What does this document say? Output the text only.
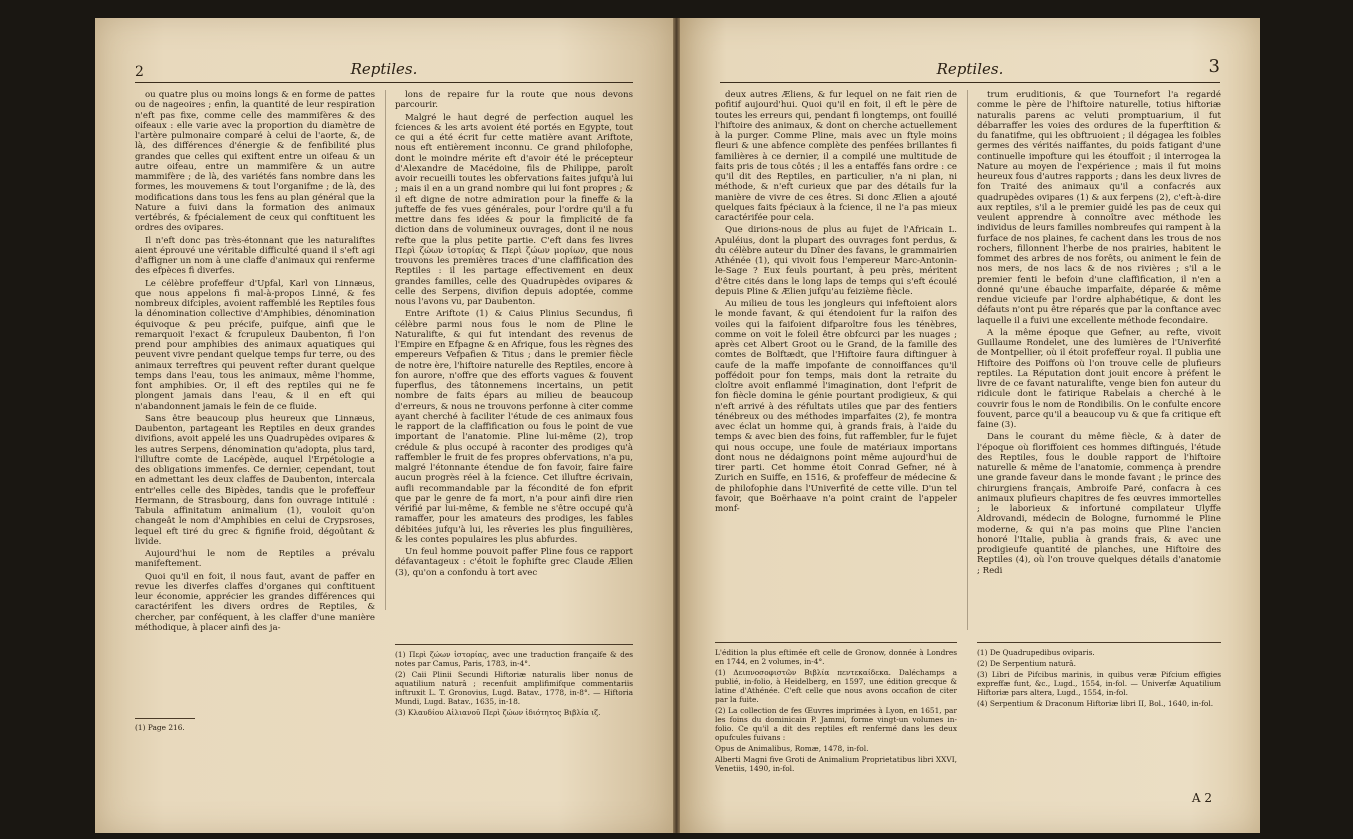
2	Reptiles.

ou quatre plus ou moins longs & en forme de pattes ou de nageoires ; enfin, la quantité de leur respiration n'eft pas fixe, comme celle des mammifères & des oifeaux : elle varie avec la proportion du diamètre de l'artère pulmonaire comparé à celui de l'aorte, &, de là, des différences d'énergie & de fenfibilité plus grandes que celles qui exiftent entre un oifeau & un autre oifeau, entre un mammifère & un autre mammifère ; de là, des variétés fans nombre dans les formes, les mouvemens & tout l'organifme ; de là, des modifications dans tous les fens au plan général que la Nature a fuivi dans la formation des animaux vertébrés, & fpécialement de ceux qui conftituent les ordres des ovipares.

Il n'eft donc pas très-étonnant que les naturaliftes aient éprouvé une véritable difficulté quand il s'eft agi d'affigner un nom à une claffe d'animaux qui renferme des efpèces fi diverfes.

Le célèbre profeffeur d'Upfal, Karl von Linnæus, que nous appelons fi mal-à-propos Linné, & fes nombreux difciples, avoient raffemblé les Reptiles fous la dénomination collective d'Amphibies, dénomination équivoque & peu précife, puifque, ainfi que le remarquoit l'exact & fcrupuleux Daubenton, fi l'on prend pour amphibies des animaux aquatiques qui peuvent vivre pendant quelque temps fur terre, ou des animaux terreftres qui peuvent refter durant quelque temps dans l'eau, tous les animaux, même l'homme, font amphibies. Or, il eft des reptiles qui ne fe plongent jamais dans l'eau, & il en eft qui n'abandonnent jamais le fein de ce fluide.

Sans être beaucoup plus heureux que Linnæus, Daubenton, partageant les Reptiles en deux grandes divifions, avoit appelé les uns Quadrupèdes ovipares & les autres Serpens, dénomination qu'adopta, plus tard, l'illuftre comte de Lacépède, auquel l'Erpétologie a des obligations immenfes. Ce dernier, cependant, tout en admettant les deux claffes de Daubenton, intercala entr'elles celle des Bipèdes, tandis que le profeffeur Hermann, de Strasbourg, dans fon ouvrage intitulé : Tabula affinitatum animalium (1), vouloit qu'on changeât le nom d'Amphibies en celui de Crypsroses, lequel eft tiré du grec & fignifie froid, dégoûtant & livide.

Aujourd'hui le nom de Reptiles a prévalu manifeftement.

Quoi qu'il en foit, il nous faut, avant de paffer en revue les diverfes claffes d'organes qui conftituent leur économie, apprécier les grandes différences qui caractérifent les divers ordres de Reptiles, & chercher, par conféquent, à les claffer d'une manière méthodique, à placer ainfi des ja-

(1) Page 216.

lons de repaire fur la route que nous devons parcourir.

Malgré le haut degré de perfection auquel les fciences & les arts avoient été portés en Egypte, tout ce qui a été écrit fur cette matière avant Ariftote, nous eft entièrement inconnu. Ce grand philofophe, dont le moindre mérite eft d'avoir été le précepteur d'Alexandre de Macédoine, fils de Philippe, paroît avoir recueilli toutes les obfervations faites jufqu'à lui ; mais il en a un grand nombre qui lui font propres ; & il eft digne de notre admiration pour la fineffe & la jufteffe de fes vues générales, pour l'ordre qu'il a fu mettre dans fes idées & pour la fimplicité de fa diction dans de volumineux ouvrages, dont il ne nous refte que la plus petite partie. C'eft dans fes livres Περὶ ζώων ἱστορίας & Περὶ ζώων μορίων, que nous trouvons les premières traces d'une claffification des Reptiles : il les partage effectivement en deux grandes familles, celle des Quadrupèdes ovipares & celle des Serpens, divifion depuis adoptée, comme nous l'avons vu, par Daubenton.

Entre Ariftote (1) & Caius Plinius Secundus, fi célèbre parmi nous fous le nom de Pline le Naturalifte, & qui fut intendant des revenus de l'Empire en Efpagne & en Afrique, fous les règnes des empereurs Vefpafien & Titus ; dans le premier fiècle de notre ère, l'hiftoire naturelle des Reptiles, encore à fon aurore, n'offre que des efforts vagues & fouvent fuperflus, des tâtonnemens incertains, un petit nombre de faits épars au milieu de beaucoup d'erreurs, & nous ne trouvons perfonne à citer comme ayant cherché à faciliter l'étude de ces animaux fous le rapport de la claffification ou fous le point de vue important de l'anatomie. Pline lui-même (2), trop crédule & plus occupé à raconter des prodiges qu'à raffembler le fruit de fes propres obfervations, n'a pu, malgré l'étonnante étendue de fon favoir, faire faire aucun progrès réel à la fcience. Cet illuftre écrivain, aufli recommandable par la fécondité de fon efprit que par le genre de fa mort, n'a pour ainfi dire rien vérifié par lui-même, & femble ne s'être occupé qu'à ramaffer, pour les amateurs des prodiges, les fables débitées jufqu'à lui, les rêveries les plus finguilières, & les contes populaires les plus abfurdes.

Un feul homme pouvoit paffer Pline fous ce rapport défavantageux : c'étoit le fophifte grec Claude Ælien (3), qu'on a confondu à tort avec

(1) Περὶ ζώων ἱστορίας, avec une traduction françaife & des notes par Camus, Paris, 1783, in-4°.

(2) Caii Plinii Secundi Hiftoriæ naturalis liber nonus de aquatilium naturâ ; recenfuit amplifimifque commentariis inftruxit L. T. Gronovius, Lugd. Batav., 1778, in-8°. — Hiftoria Mundi, Lugd. Batav., 1635, in-18.

(3) Κλαυδίου Αἰλιανοῦ Περὶ ζώων ἰδιότητος Βιβλία ιζ.

Reptiles.	3

deux autres Æliens, & fur lequel on ne fait rien de pofitif aujourd'hui. Quoi qu'il en foit, il eft le père de toutes les erreurs qui, pendant fi longtemps, ont fouillé l'hiftoire des animaux, & dont on cherche actuellement à la purger. Comme Pline, mais avec un ftyle moins fleuri & une abfence complète des penfées brillantes fi familières à ce dernier, il a compilé une multitude de faits pris de tous côtés ; il les a entaffés fans ordre : ce qu'il dit des Reptiles, en particulier, n'a ni plan, ni méthode, & n'eft curieux que par des détails fur la manière de vivre de ces êtres. Si donc Ælien a ajouté quelques faits fpéciaux à la fcience, il ne l'a pas mieux caractérifée pour cela.

Que dirions-nous de plus au fujet de l'Africain L. Apuléius, dont la plupart des ouvrages font perdus, & du célèbre auteur du Dîner des favans, le grammairien Athénée (1), qui vivoit fous l'empereur Marc-Antonin-le-Sage ? Eux feuls pourtant, à peu près, méritent d'être cités dans le long laps de temps qui s'eft écoulé depuis Pline & Ælien jufqu'au feizième fiècle.

Au milieu de tous les jongleurs qui infeftoient alors le monde favant, & qui étendoient fur la raifon des voiles qui la faifoient difparoître fous les ténèbres, comme on voit le foleil être obfcurci par les nuages ; après cet Albert Groot ou le Grand, de la famille des comtes de Bolftædt, que l'Hiftoire faura diftinguer à caufe de la maffe impofante de connoiffances qu'il poffédoit pour fon temps, mais dont la retraite du cloître avoit enflammé l'imagination, dont l'efprit de fon fiècle domina le génie pourtant prodigieux, & qui n'eft arrivé à des réfultats utiles que par des fentiers ténébreux ou des méthodes imparfaites (2), fe montra avec éclat un homme qui, à grands frais, à l'aide du temps & avec bien des foins, fut raffembler, fur le fujet qui nous occupe, une foule de matériaux importans dont nous ne dédaignons point même aujourd'hui de tirer parti. Cet homme étoit Conrad Gefner, né à Zurich en Suiffe, en 1516, & profeffeur de médecine & de philofophie dans l'Univerfité de cette ville. D'un tel favoir, que Boërhaave n'a point craint de l'appeler monf-

L'édition la plus eftimée eft celle de Gronow, donnée à Londres en 1744, en 2 volumes, in-4°.

(1) Δειπνοσοφιστῶν Βιβλία πεντεκαίδεκα. Daléchamps a publié, in-folio, à Heidelberg, en 1597, une édition grecque & latine d'Athénée. C'eft celle que nous avons occafion de citer par la fuite.

(2) La collection de fes Œuvres imprimées à Lyon, en 1651, par les foins du dominicain P. Jammi, forme vingt-un volumes in-folio. Ce qu'il a dit des reptiles eft renfermé dans les deux opufcules fuivans :

Opus de Animalibus, Romæ, 1478, in-fol.

Alberti Magni five Groti de Animalium Proprietatibus libri XXVI, Venetiis, 1490, in-fol.

trum eruditionis, & que Tournefort l'a regardé comme le père de l'hiftoire naturelle, totius hiftoriæ naturalis parens ac veluti promptuarium, il fut débarraffer les voies des ordures de la fuperftition & du fanatifme, qui les obftruoient ; il dégagea les foibles germes des vérités naiffantes, du poids fatigant d'une continuelle impofture qui les étouffoit ; il interrogea la Nature au moyen de l'expérience ; mais il fut moins heureux fous d'autres rapports ; dans les deux livres de fon Traité des animaux qu'il a confacrés aux quadrupèdes ovipares (1) & aux ferpens (2), c'eft-à-dire aux reptiles, s'il a le premier guidé les pas de ceux qui veulent apprendre à connoître avec méthode les individus de leurs familles nombreufes qui rampent à la furface de nos plaines, fe cachent dans les trous de nos rochers, fillonnent l'herbe de nos prairies, habitent le fommet des arbres de nos forêts, ou animent le fein de nos mers, de nos lacs & de nos rivières ; s'il a le premier fenti le befoin d'une claffification, il n'en a donné qu'une ébauche imparfaite, déparée & même rendue vicieufe par l'ordre alphabétique, & dont les défauts n'ont pu être réparés que par la conftance avec laquelle il a fuivi une excellente méthode fecondaire.

A la même époque que Gefner, au refte, vivoit Guillaume Rondelet, une des lumières de l'Univerfité de Montpellier, où il étoit profeffeur royal. Il publia une Hiftoire des Poiffons où l'on trouve celle de plufieurs reptiles. La Réputation dont jouit encore à préfent le livre de ce favant naturalifte, venge bien fon auteur du ridicule dont le fatirique Rabelais a cherché à le couvrir fous le nom de Rondibilis. On le confulte encore fouvent, parce qu'il a beaucoup vu & que fa critique eft faine (3).

Dans le courant du même fiècle, & à dater de l'époque où floriffoient ces hommes diftingués, l'étude des Reptiles, fous le double rapport de l'hiftoire naturelle & même de l'anatomie, commença à prendre une grande faveur dans le monde favant ; le prince des chirurgiens français, Ambroife Paré, confacra à ces animaux plufieurs chapitres de fes œuvres immortelles ; le laborieux & infortuné compilateur Ulyffe Aldrovandi, médecin de Bologne, furnommé le Pline moderne, & qui n'a pas moins que Pline l'ancien honoré l'Italie, publia à grands frais, & avec une prodigieufe quantité de planches, une Hiftoire des Reptiles (4), où l'on trouve quelques détails d'anatomie ; Redi

(1) De Quadrupedibus oviparis.

(2) De Serpentium naturâ.

(3) Libri de Pifcibus marinis, in quibus veræ Pifcium effigies expreffæ funt, &c., Lugd., 1554, in-fol. — Univerfæ Aquatilium Hiftoriæ pars altera, Lugd., 1554, in-fol.

(4) Serpentium & Draconum Hiftoriæ libri II, Bol., 1640, in-fol.

A 2
